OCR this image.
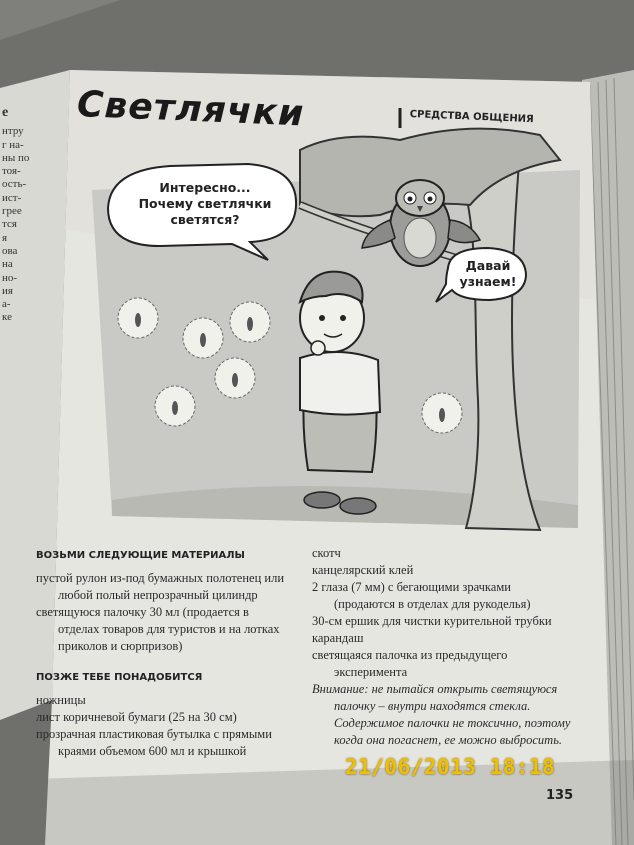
Светлячки	СРЕДСТВА ОБЩЕНИЯ
е
нтру
г на-
ны по
тоя-
ость-
ист-
грее
тся
я
ова
на
но-
ия
а-
ке
Интересно...
Почему светлячки
светятся?
Давай
узнаем!
ВОЗЬМИ СЛЕДУЮЩИЕ МАТЕРИАЛЫ
пустой рулон из-под бумажных полотенец или любой полый непрозрачный цилиндр
светящуюся палочку 30 мл (продается в отделах товаров для туристов и на лотках приколов и сюрпризов)
ПОЗЖЕ ТЕБЕ ПОНАДОБИТСЯ
ножницы
лист коричневой бумаги (25 на 30 см)
прозрачная пластиковая бутылка с прямыми краями объемом 600 мл и крышкой
скотч
канцелярский клей
2 глаза (7 мм) с бегающими зрачками (продаются в отделах для рукоделья)
30-см ершик для чистки курительной трубки
карандаш
светящаяся палочка из предыдущего эксперимента
Внимание: не пытайся открыть светящуюся палочку – внутри находятся стекла. Содержимое палочки не токсично, поэтому когда она погаснет, ее можно выбросить.
21/06/2013 18:18
135
